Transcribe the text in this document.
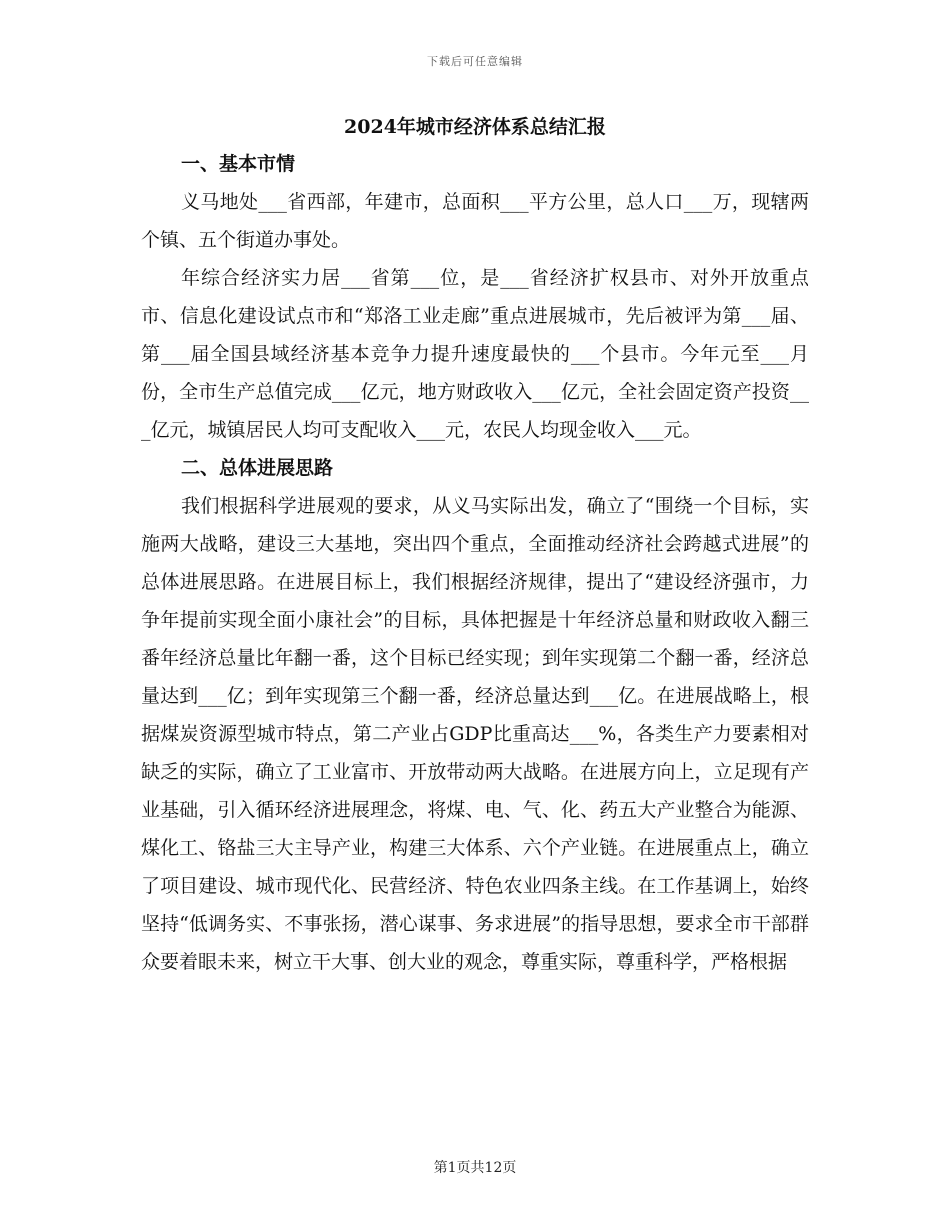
下载后可任意编辑
2024年城市经济体系总结汇报

一、基本市情

义马地处___省西部，年建市，总面积___平方公里，总人口___万，现辖两个镇、五个街道办事处。

年综合经济实力居___省第___位，是___省经济扩权县市、对外开放重点市、信息化建设试点市和“郑洛工业走廊”重点进展城市，先后被评为第___届、第___届全国县域经济基本竞争力提升速度最快的___个县市。今年元至___月份，全市生产总值完成___亿元，地方财政收入___亿元，全社会固定资产投资___亿元，城镇居民人均可支配收入___元，农民人均现金收入___元。

二、总体进展思路

我们根据科学进展观的要求，从义马实际出发，确立了“围绕一个目标，实施两大战略，建设三大基地，突出四个重点，全面推动经济社会跨越式进展”的总体进展思路。在进展目标上，我们根据经济规律，提出了“建设经济强市，力争年提前实现全面小康社会”的目标，具体把握是十年经济总量和财政收入翻三番年经济总量比年翻一番，这个目标已经实现；到年实现第二个翻一番，经济总量达到___亿；到年实现第三个翻一番，经济总量达到___亿。在进展战略上，根据煤炭资源型城市特点，第二产业占GDP比重高达___%，各类生产力要素相对缺乏的实际，确立了工业富市、开放带动两大战略。在进展方向上，立足现有产业基础，引入循环经济进展理念，将煤、电、气、化、药五大产业整合为能源、煤化工、铬盐三大主导产业，构建三大体系、六个产业链。在进展重点上，确立了项目建设、城市现代化、民营经济、特色农业四条主线。在工作基调上，始终坚持“低调务实、不事张扬，潜心谋事、务求进展”的指导思想，要求全市干部群众要着眼未来，树立干大事、创大业的观念，尊重实际，尊重科学，严格根据

第1页共12页
